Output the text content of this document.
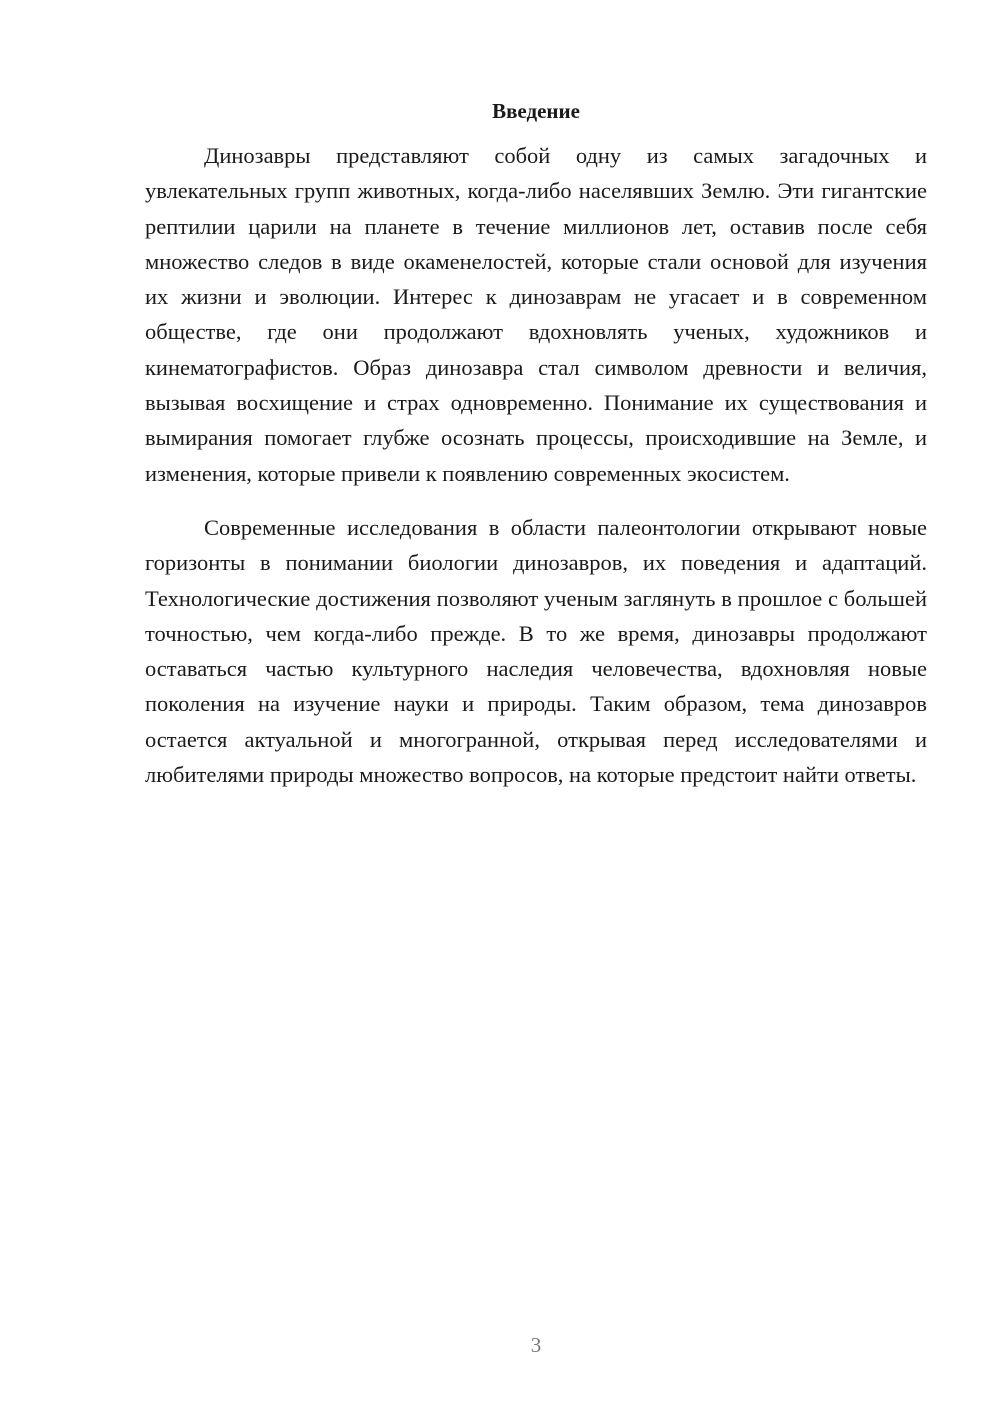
Введение

Динозавры представляют собой одну из самых загадочных и увлекательных групп животных, когда-либо населявших Землю. Эти гигантские рептилии царили на планете в течение миллионов лет, оставив после себя множество следов в виде окаменелостей, которые стали основой для изучения их жизни и эволюции. Интерес к динозаврам не угасает и в современном обществе, где они продолжают вдохновлять ученых, художников и кинематографистов. Образ динозавра стал символом древности и величия, вызывая восхищение и страх одновременно. Понимание их существования и вымирания помогает глубже осознать процессы, происходившие на Земле, и изменения, которые привели к появлению современных экосистем.

Современные исследования в области палеонтологии открывают новые горизонты в понимании биологии динозавров, их поведения и адаптаций. Технологические достижения позволяют ученым заглянуть в прошлое с большей точностью, чем когда-либо прежде. В то же время, динозавры продолжают оставаться частью культурного наследия человечества, вдохновляя новые поколения на изучение науки и природы. Таким образом, тема динозавров остается актуальной и многогранной, открывая перед исследователями и любителями природы множество вопросов, на которые предстоит найти ответы.

3
